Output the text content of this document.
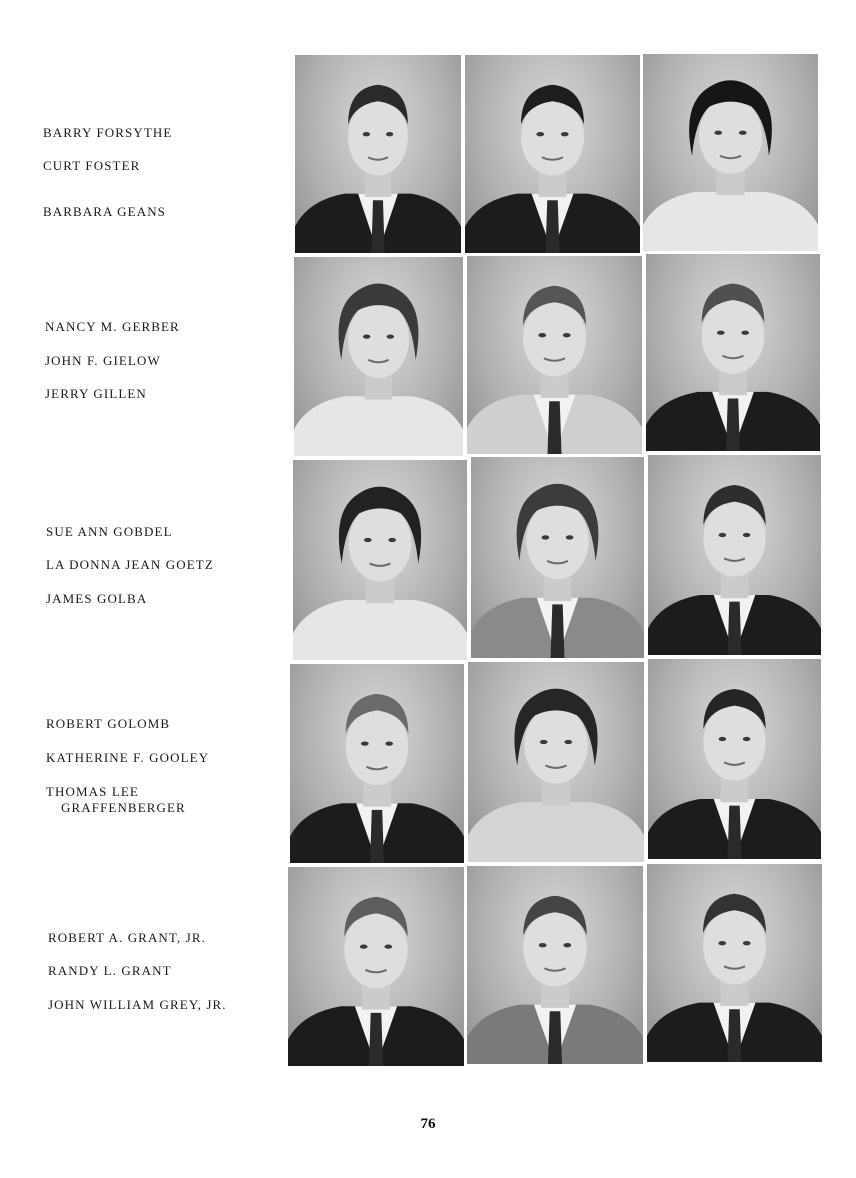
BARRY FORSYTHE
CURT FOSTER
BARBARA GEANS
NANCY M. GERBER
JOHN F. GIELOW
JERRY GILLEN
SUE ANN GOBDEL
LA DONNA JEAN GOETZ
JAMES GOLBA
ROBERT GOLOMB
KATHERINE F. GOOLEY
THOMAS LEE
GRAFFENBERGER
ROBERT A. GRANT, JR.
RANDY L. GRANT
JOHN WILLIAM GREY, JR.
76
